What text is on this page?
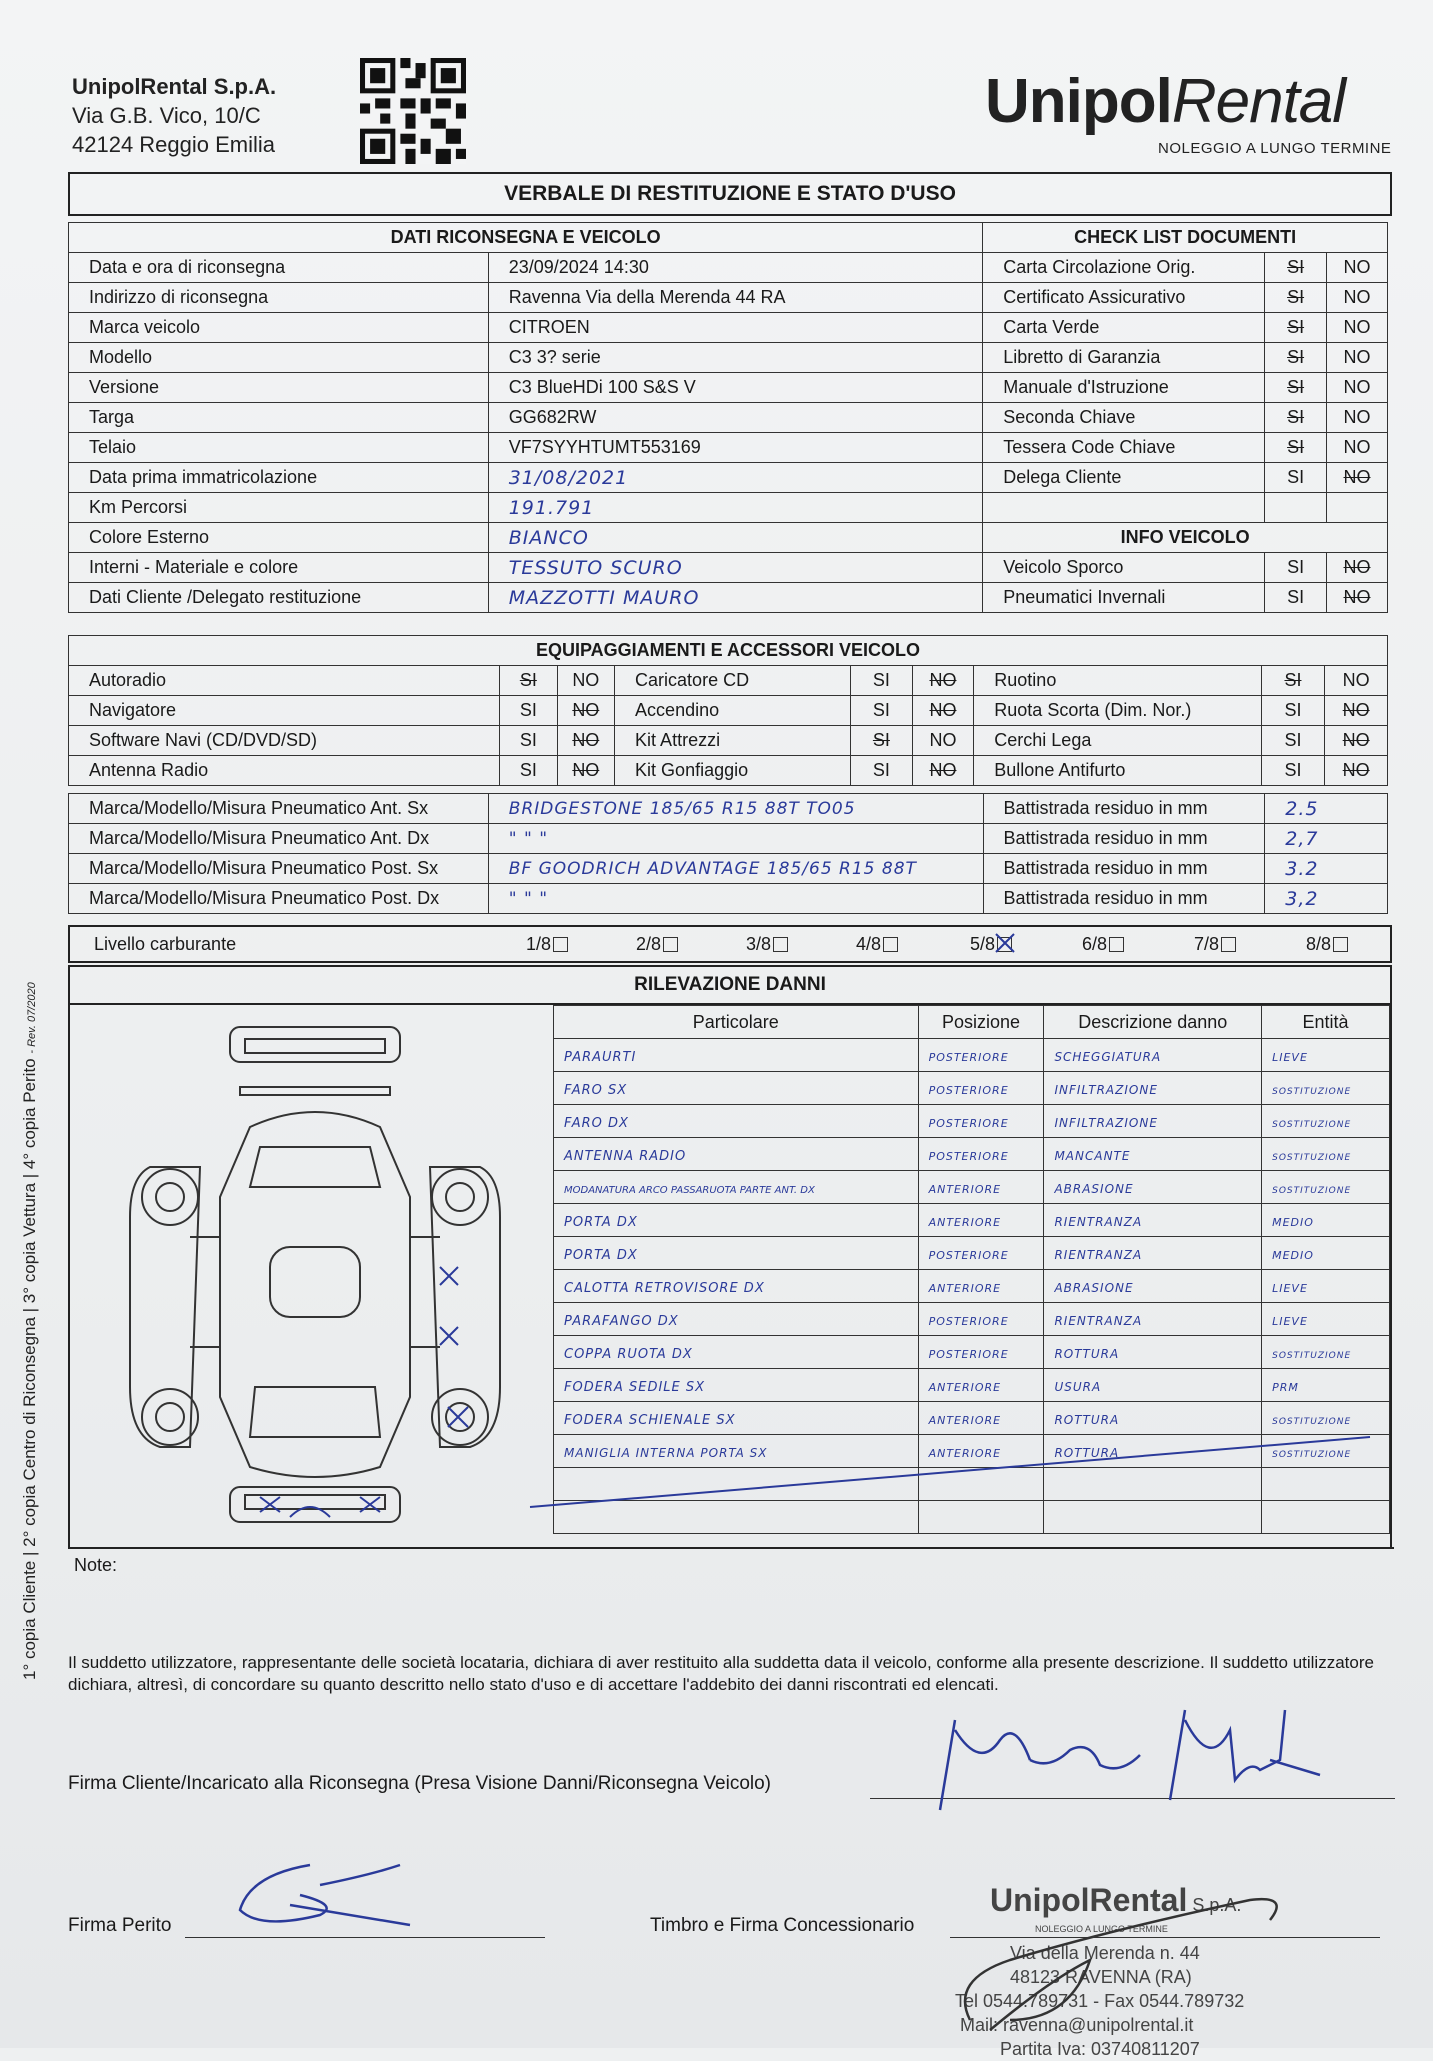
UnipolRental S.p.A.
Via G.B. Vico, 10/C
42124 Reggio Emilia
UnipolRental
NOLEGGIO A LUNGO TERMINE
VERBALE DI RESTITUZIONE E STATO D'USO
DATI RICONSEGNA E VEICOLO		CHECK LIST DOCUMENTI		
Data e ora di riconsegna	23/09/2024 14:30	Carta Circolazione Orig.	SI	NO
Indirizzo di riconsegna	Ravenna Via della Merenda 44 RA	Certificato Assicurativo	SI	NO
Marca veicolo	CITROEN	Carta Verde	SI	NO
Modello	C3 3? serie	Libretto di Garanzia	SI	NO
Versione	C3 BlueHDi 100 S&S V	Manuale d'Istruzione	SI	NO
Targa	GG682RW	Seconda Chiave	SI	NO
Telaio	VF7SYYHTUMT553169	Tessera Code Chiave	SI	NO
Data prima immatricolazione	31/08/2021	Delega Cliente	SI	NO
Km Percorsi	191.791			
Colore Esterno	BIANCO	INFO VEICOLO		
Interni - Materiale e colore	TESSUTO SCURO	Veicolo Sporco	SI	NO
Dati Cliente /Delegato restituzione	MAZZOTTI MAURO	Pneumatici Invernali	SI	NO
EQUIPAGGIAMENTI E ACCESSORI VEICOLO								
Autoradio	SI	NO	Caricatore CD	SI	NO	Ruotino	SI	NO
Navigatore	SI	NO	Accendino	SI	NO	Ruota Scorta (Dim. Nor.)	SI	NO
Software Navi (CD/DVD/SD)	SI	NO	Kit Attrezzi	SI	NO	Cerchi Lega	SI	NO
Antenna Radio	SI	NO	Kit Gonfiaggio	SI	NO	Bullone Antifurto	SI	NO
Marca/Modello/Misura Pneumatico Ant. Sx	BRIDGESTONE 185/65 R15 88T TO05	Battistrada residuo in mm	2.5
Marca/Modello/Misura Pneumatico Ant. Dx	" " "	Battistrada residuo in mm	2,7
Marca/Modello/Misura Pneumatico Post. Sx	BF GOODRICH ADVANTAGE 185/65 R15 88T	Battistrada residuo in mm	3.2
Marca/Modello/Misura Pneumatico Post. Dx	" " "	Battistrada residuo in mm	3,2
Livello carburante	1/8	2/8	3/8	4/8	5/8	6/8	7/8	8/8
RILEVAZIONE DANNI
Particolare	Posizione	Descrizione danno	Entità
PARAURTI	POSTERIORE	SCHEGGIATURA	LIEVE
FARO SX	POSTERIORE	INFILTRAZIONE	SOSTITUZIONE
FARO DX	POSTERIORE	INFILTRAZIONE	SOSTITUZIONE
ANTENNA RADIO	POSTERIORE	MANCANTE	SOSTITUZIONE
MODANATURA ARCO PASSARUOTA PARTE ANT. DX	ANTERIORE	ABRASIONE	SOSTITUZIONE
PORTA DX	ANTERIORE	RIENTRANZA	MEDIO
PORTA DX	POSTERIORE	RIENTRANZA	MEDIO
CALOTTA RETROVISORE DX	ANTERIORE	ABRASIONE	LIEVE
PARAFANGO DX	POSTERIORE	RIENTRANZA	LIEVE
COPPA RUOTA DX	POSTERIORE	ROTTURA	SOSTITUZIONE
FODERA SEDILE SX	ANTERIORE	USURA	PRM
FODERA SCHIENALE SX	ANTERIORE	ROTTURA	SOSTITUZIONE
MANIGLIA INTERNA PORTA SX	ANTERIORE	ROTTURA	SOSTITUZIONE

Note:
1° copia Cliente | 2° copia Centro di Riconsegna | 3° copia Vettura | 4° copia Perito - Rev. 07/2020
Il suddetto utilizzatore, rappresentante delle società locataria, dichiara di aver restituito alla suddetta data il veicolo, conforme alla presente descrizione. Il suddetto utilizzatore dichiara, altresì, di concordare su quanto descritto nello stato d'uso e di accettare l'addebito dei danni riscontrati ed elencati.
Firma Cliente/Incaricato alla Riconsegna (Presa Visione Danni/Riconsegna Veicolo)
Firma Perito	Timbro e Firma Concessionario
UnipolRental S.p.A.
NOLEGGIO A LUNGO TERMINE
Via della Merenda n. 44
48123 RAVENNA (RA)
Tel 0544.789731 - Fax 0544.789732
Mail: ravenna@unipolrental.it
Partita Iva: 03740811207
